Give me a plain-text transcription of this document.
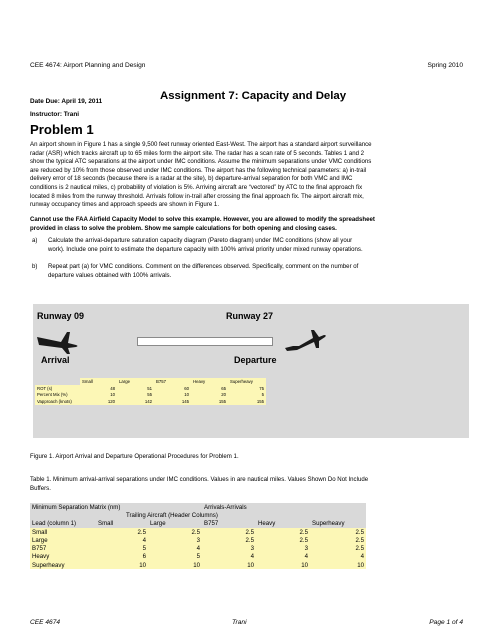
CEE 4674: Airport Planning and Design	Spring 2010
Assignment 7: Capacity and Delay
Date Due: April 19, 2011
Instructor: Trani
Problem 1
An airport shown in Figure 1 has a single 9,500 feet runway oriented East-West. The airport has a standard airport surveillance
radar (ASR) which tracks aircraft up to 65 miles form the airport site. The radar has a scan rate of 5 seconds. Tables 1 and 2
show the typical ATC separations at the airport under IMC conditions. Assume the minimum separations under VMC conditions
are reduced by 10% from those observed under IMC conditions. The airport has the following technical parameters: a) in-trail
delivery error of 18 seconds (because there is a radar at the site), b) departure-arrival separation for both VMC and IMC
conditions is 2 nautical miles, c) probability of violation is 5%. Arriving aircraft are “vectored” by ATC to the final approach fix
located 8 miles from the runway threshold. Arrivals follow in-trail after crossing the final approach fix. The airport aircraft mix,
runway occupancy times and approach speeds are shown in Figure 1.
Cannot use the FAA Airfield Capacity Model to solve this example. However, you are allowed to modify the spreadsheet
provided in class to solve the problem. Show me sample calculations for both opening and closing cases.
a)	Calculate the arrival-departure saturation capacity diagram (Pareto diagram) under IMC conditions (show all your
work). Include one point to estimate the departure capacity with 100% arrival priority under mixed runway operations.
b)	Repeat part (a) for VMC conditions. Comment on the differences observed. Specifically, comment on the number of
departure values obtained with 100% arrivals.
Runway 09	Runway 27
Arrival	Departure
	Small	Large	B757	Heavy	Superheavy
ROT (s)	48	51	60	65	75
Percent Mix (%)	10	55	10	20	5
Vapproach (knots)	120	142	145	155	155
Figure 1. Airport Arrival and Departure Operational Procedures for Problem 1.
Table 1. Minimum arrival-arrival separations under IMC conditions. Values in are nautical miles. Values Shown Do Not Include
Buffers.
Minimum Separation Matrix (nm)			Arrivals-Arrivals		
	Trailing Aircraft (Header Columns)				
Lead (column 1)	Small	Large	B757	Heavy	Superheavy
Small	2.5	2.5	2.5	2.5	2.5
Large	4	3	2.5	2.5	2.5
B757	5	4	3	3	2.5
Heavy	6	5	4	4	4
Superheavy	10	10	10	10	10
CEE 4674	Trani	Page 1 of 4
